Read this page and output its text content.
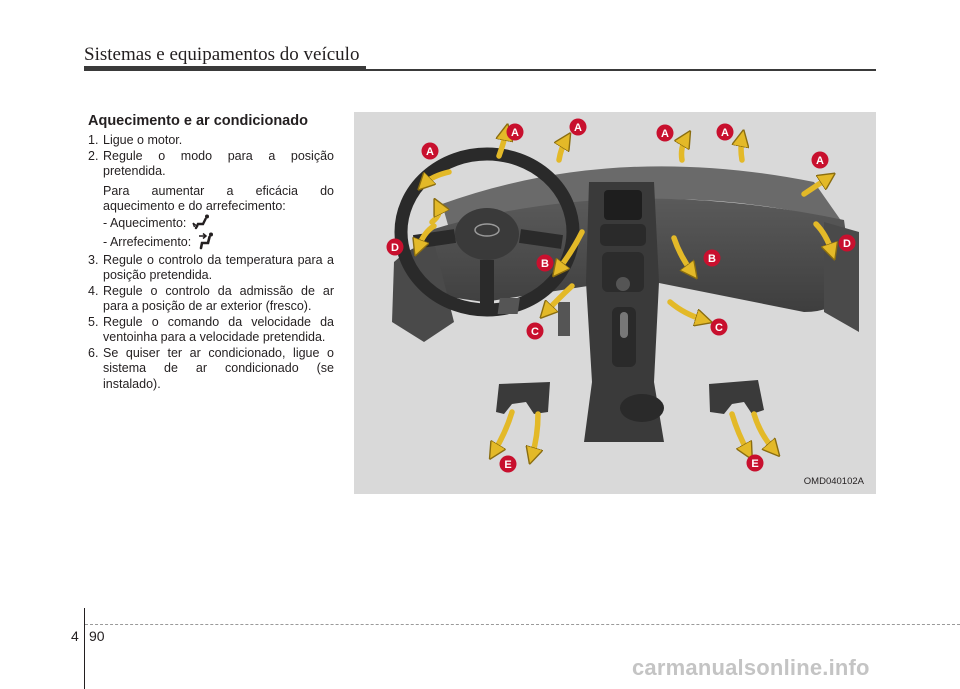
Sistemas e equipamentos do veículo
Aquecimento e ar condicionado
1. Ligue o motor.
2. Regule o modo para a posição pretendida.
Para aumentar a eficácia do aquecimento e do arrefecimento:
- Aquecimento:
- Arrefecimento:
3. Regule o controlo da temperatura para a posição pretendida.
4. Regule o controlo da admissão de ar para a posição de ar exterior (fresco).
5. Regule o comando da velocidade da ventoinha para a velocidade pretendida.
6. Se quiser ter ar condicionado, ligue o sistema de ar condicionado (se instalado).
A
A	A	A	A
A
B	B
C	C
D	D
E	E
OMD040102A
4 90
carmanualsonline.info
